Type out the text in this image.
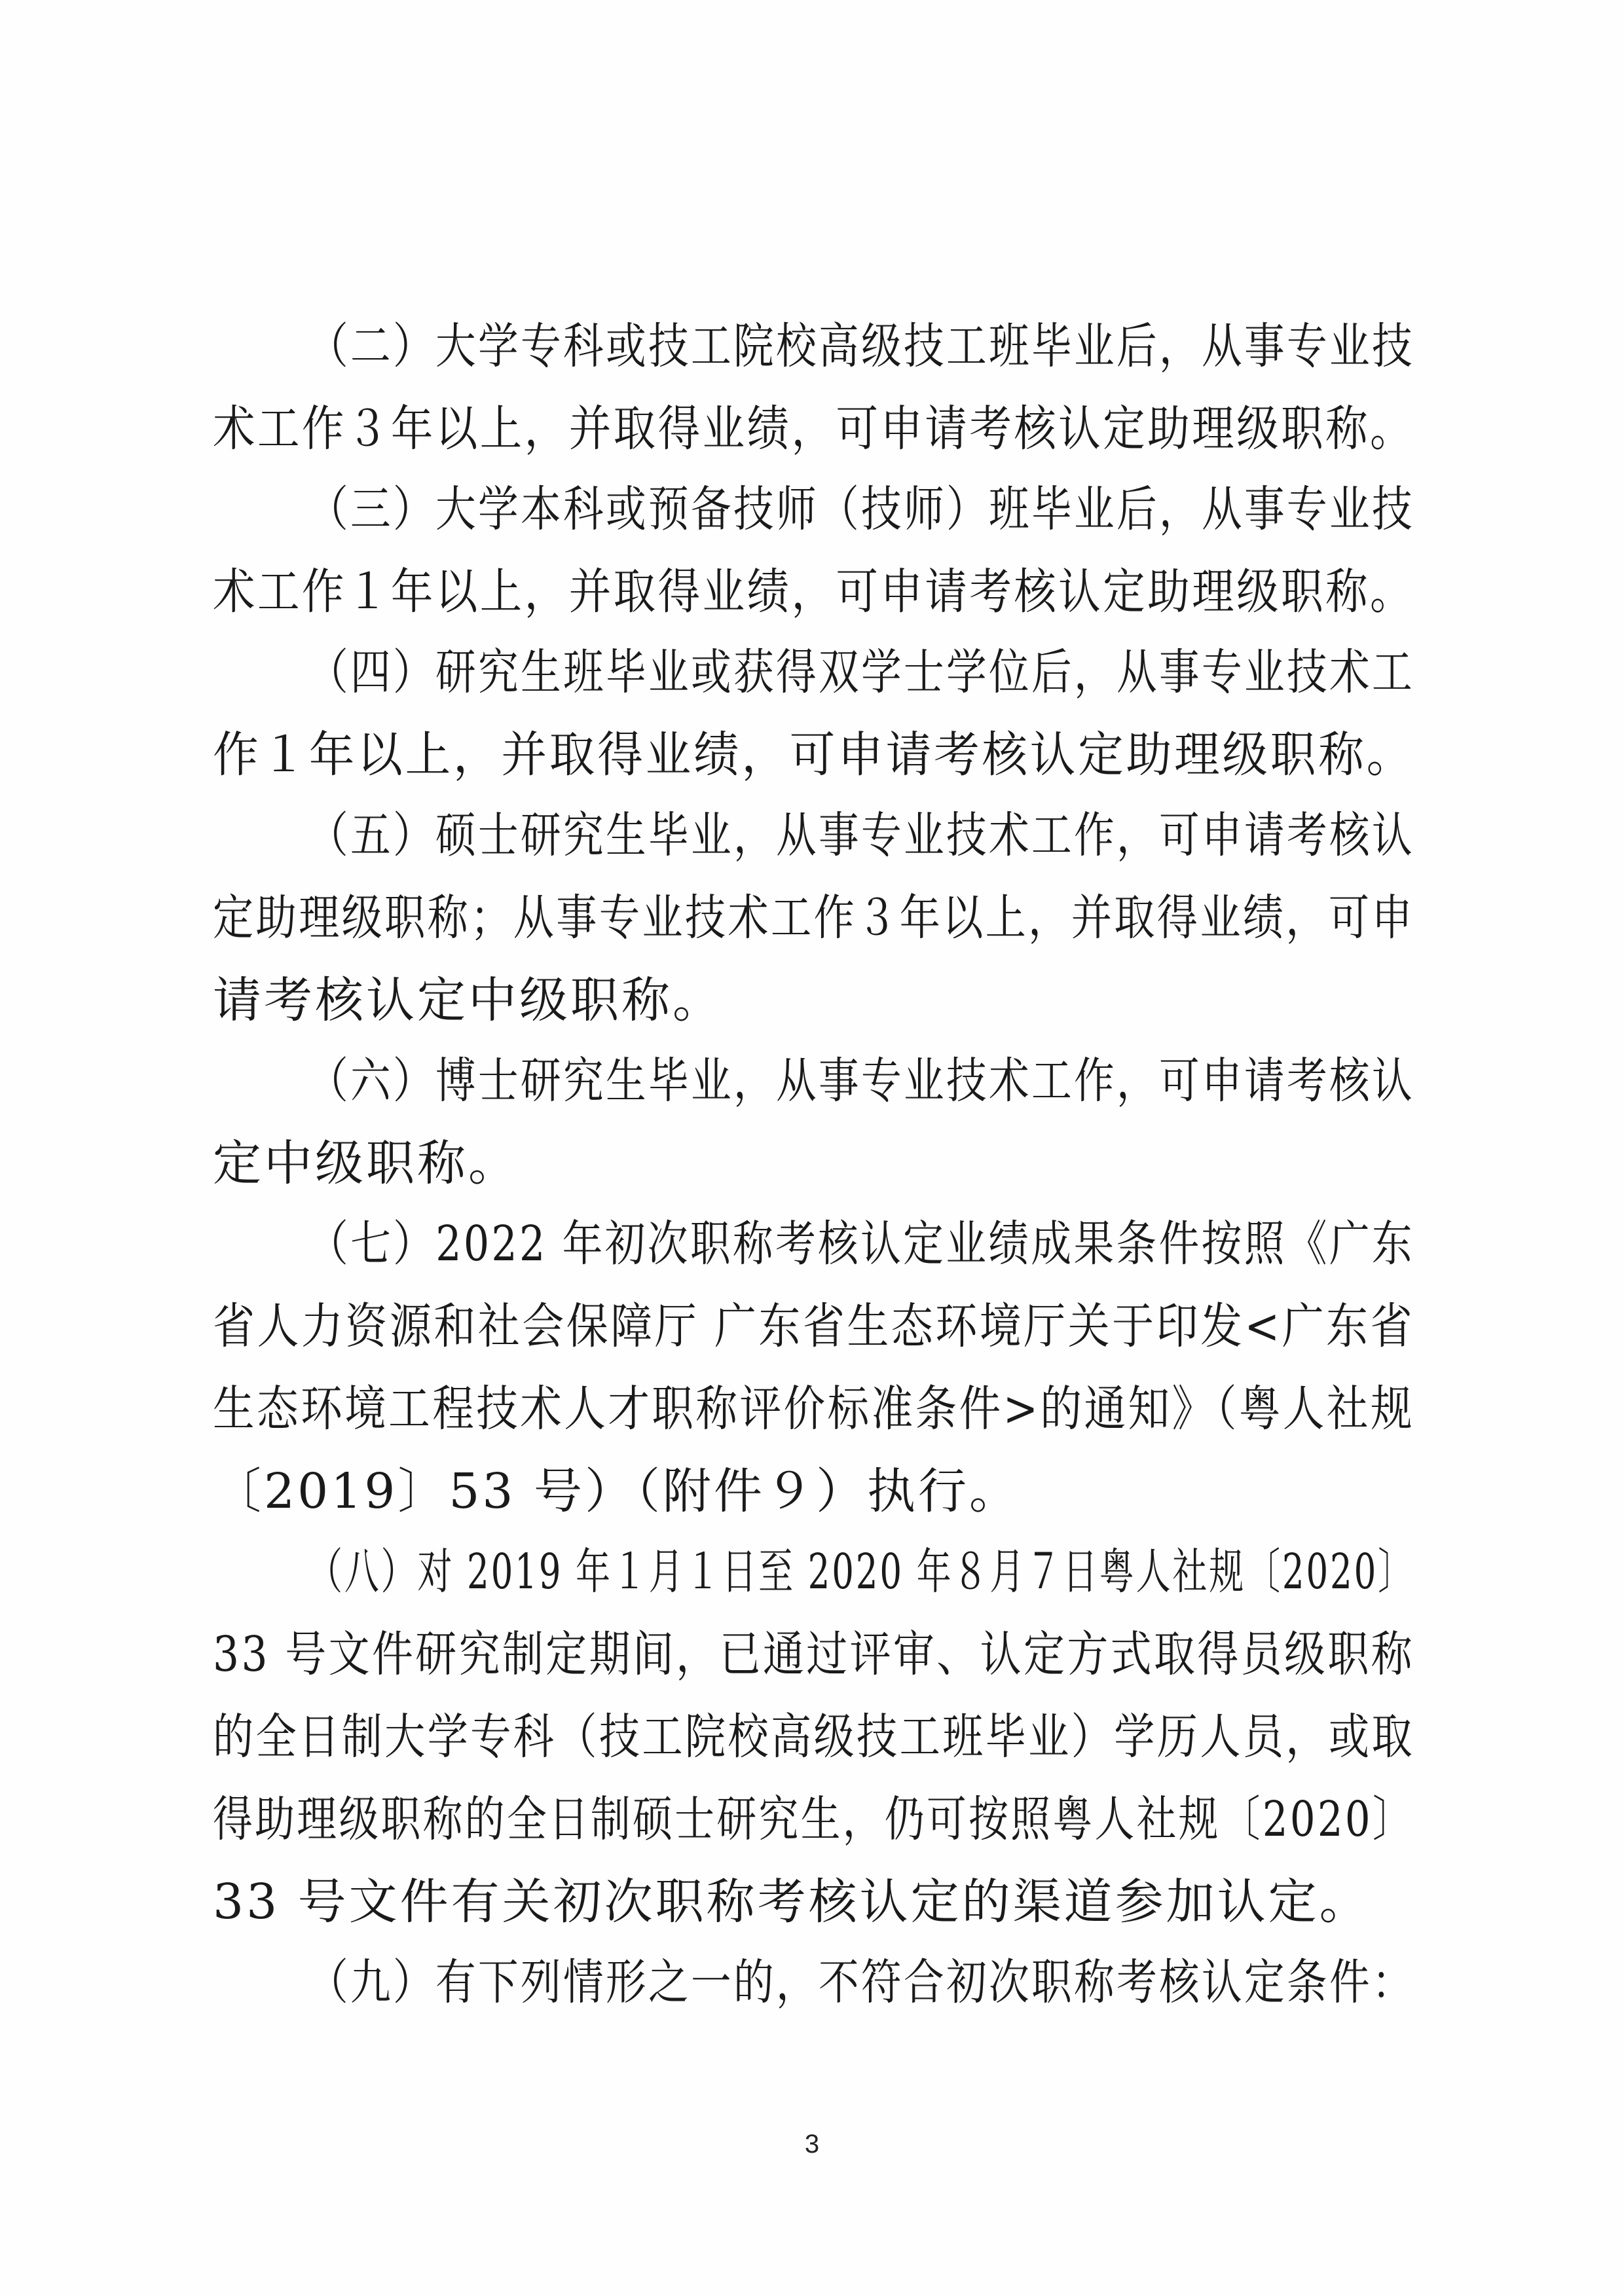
（二）大学专科或技工院校高级技工班毕业后，从事专业技
术工作３年以上，并取得业绩，可申请考核认定助理级职称。
（三）大学本科或预备技师（技师）班毕业后，从事专业技
术工作１年以上，并取得业绩，可申请考核认定助理级职称。
（四）研究生班毕业或获得双学士学位后，从事专业技术工
作１年以上，并取得业绩，可申请考核认定助理级职称。
（五）硕士研究生毕业，从事专业技术工作，可申请考核认
定助理级职称；从事专业技术工作３年以上，并取得业绩，可申
请考核认定中级职称。
（六）博士研究生毕业，从事专业技术工作，可申请考核认
定中级职称。
（七）2022 年初次职称考核认定业绩成果条件按照《广东
省人力资源和社会保障厅 广东省生态环境厅关于印发<广东省
生态环境工程技术人才职称评价标准条件>的通知》（粤人社规
〔2019〕53 号）（附件９）执行。
（八）对 2019 年１月１日至 2020 年８月７日粤人社规〔2020〕
33 号文件研究制定期间，已通过评审、认定方式取得员级职称
的全日制大学专科（技工院校高级技工班毕业）学历人员，或取
得助理级职称的全日制硕士研究生，仍可按照粤人社规〔2020〕
33 号文件有关初次职称考核认定的渠道参加认定。
（九）有下列情形之一的，不符合初次职称考核认定条件：
3
